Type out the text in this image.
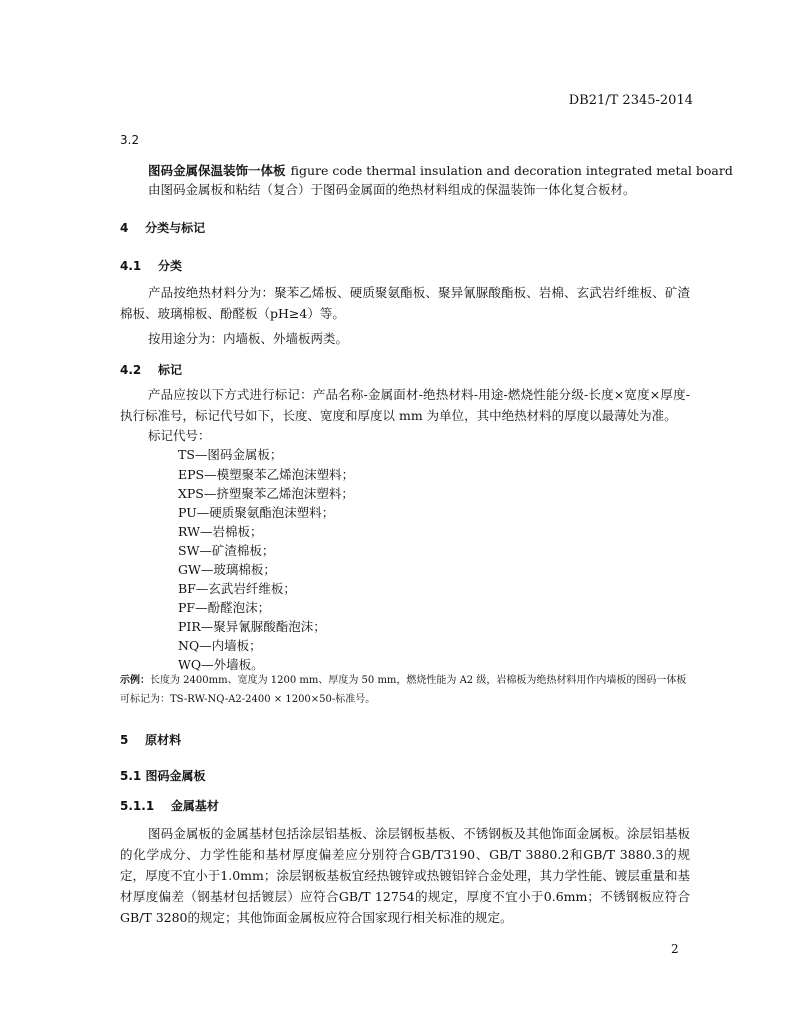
DB21/T 2345-2014
3.2
图码金属保温装饰一体板 figure code thermal insulation and decoration integrated metal board
由图码金属板和粘结（复合）于图码金属面的绝热材料组成的保温装饰一体化复合板材。
4 分类与标记
4.1 分类
产品按绝热材料分为：聚苯乙烯板、硬质聚氨酯板、聚异氰脲酸酯板、岩棉、玄武岩纤维板、矿渣棉板、玻璃棉板、酚醛板（pH≥4）等。
按用途分为：内墙板、外墙板两类。
4.2 标记
产品应按以下方式进行标记：产品名称-金属面材-绝热材料-用途-燃烧性能分级-长度×宽度×厚度-执行标准号，标记代号如下，长度、宽度和厚度以 mm 为单位，其中绝热材料的厚度以最薄处为准。
标记代号：
TS—图码金属板；
EPS—模塑聚苯乙烯泡沫塑料；
XPS—挤塑聚苯乙烯泡沫塑料；
PU—硬质聚氨酯泡沫塑料；
RW—岩棉板；
SW—矿渣棉板；
GW—玻璃棉板；
BF—玄武岩纤维板；
PF—酚醛泡沫；
PIR—聚异氰脲酸酯泡沫；
NQ—内墙板；
WQ—外墙板。
示例：长度为 2400mm、宽度为 1200 mm、厚度为 50 mm，燃烧性能为 A2 级，岩棉板为绝热材料用作内墙板的图码一体板可标记为：TS-RW-NQ-A2-2400 × 1200×50-标准号。
5 原材料
5.1 图码金属板
5.1.1 金属基材
图码金属板的金属基材包括涂层铝基板、涂层钢板基板、不锈钢板及其他饰面金属板。涂层铝基板的化学成分、力学性能和基材厚度偏差应分别符合GB/T3190、GB/T 3880.2和GB/T 3880.3的规定，厚度不宜小于1.0mm；涂层钢板基板宜经热镀锌或热镀铝锌合金处理，其力学性能、镀层重量和基材厚度偏差（钢基材包括镀层）应符合GB/T 12754的规定，厚度不宜小于0.6mm；不锈钢板应符合GB/T 3280的规定；其他饰面金属板应符合国家现行相关标准的规定。
2
